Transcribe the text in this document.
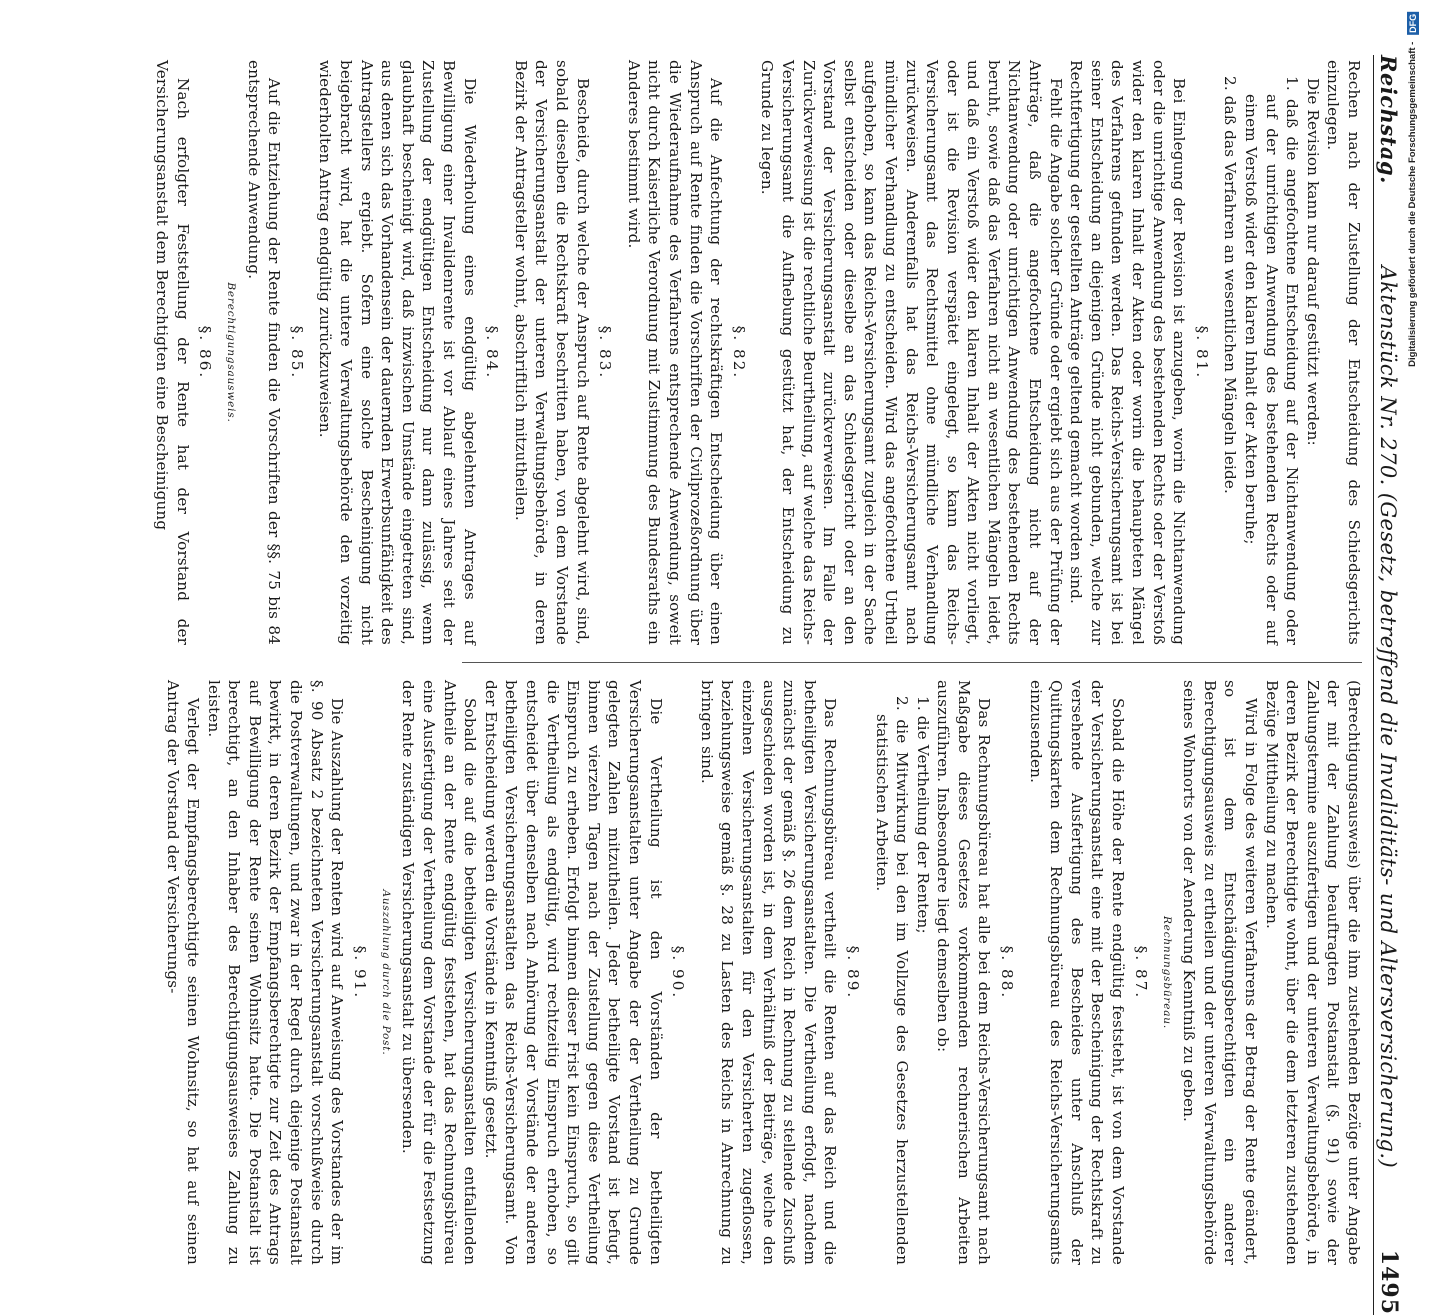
Reichstag.
Aktenstück Nr. 270. (Gesetz, betreffend die Invaliditäts- und Altersversicherung.)
1495

Rechen nach der Zustellung der Entscheidung des Schiedsgerichts einzulegen.

Die Revision kann nur darauf gestützt werden:

1. daß die angefochtene Entscheidung auf der Nichtanwendung oder auf der unrichtigen Anwendung des bestehenden Rechts oder auf einem Verstoß wider den klaren Inhalt der Akten beruhe;

2. daß das Verfahren an wesentlichen Mängeln leide.

§. 81.

Bei Einlegung der Revision ist anzugeben, worin die Nichtanwendung oder die unrichtige Anwendung des bestehenden Rechts oder der Verstoß wider den klaren Inhalt der Akten oder worin die behaupteten Mängel des Verfahrens gefunden werden. Das Reichs-Versicherungsamt ist bei seiner Entscheidung an diejenigen Gründe nicht gebunden, welche zur Rechtfertigung der gestellten Anträge geltend gemacht worden sind.

Fehlt die Angabe solcher Gründe oder ergiebt sich aus der Prüfung der Anträge, daß die angefochtene Entscheidung nicht auf der Nichtanwendung oder unrichtigen Anwendung des bestehenden Rechts beruht, sowie daß das Verfahren nicht an wesentlichen Mängeln leidet, und daß ein Verstoß wider den klaren Inhalt der Akten nicht vorliegt, oder ist die Revision verspätet eingelegt, so kann das Reichs-Versicherungsamt das Rechtsmittel ohne mündliche Verhandlung zurückweisen. Anderenfalls hat das Reichs-Versicherungsamt nach mündlicher Verhandlung zu entscheiden. Wird das angefochtene Urtheil aufgehoben, so kann das Reichs-Versicherungsamt zugleich in der Sache selbst entscheiden oder dieselbe an das Schiedsgericht oder an den Vorstand der Versicherungsanstalt zurückverweisen. Im Falle der Zurückverweisung ist die rechtliche Beurtheilung, auf welche das Reichs-Versicherungsamt die Aufhebung gestützt hat, der Entscheidung zu Grunde zu legen.

§. 82.

Auf die Anfechtung der rechtskräftigen Entscheidung über einen Anspruch auf Rente finden die Vorschriften der Civilprozeßordnung über die Wiederaufnahme des Verfahrens entsprechende Anwendung, soweit nicht durch Kaiserliche Verordnung mit Zustimmung des Bundesraths ein Anderes bestimmt wird.

§. 83.

Bescheide, durch welche der Anspruch auf Rente abgelehnt wird, sind, sobald dieselben die Rechtskraft beschritten haben, von dem Vorstande der Versicherungsanstalt der unteren Verwaltungsbehörde, in deren Bezirk der Antragsteller wohnt, abschriftlich mitzutheilen.

§. 84.

Die Wiederholung eines endgültig abgelehnten Antrages auf Bewilligung einer Invalidenrente ist vor Ablauf eines Jahres seit der Zustellung der endgültigen Entscheidung nur dann zulässig, wenn glaubhaft bescheinigt wird, daß inzwischen Umstände eingetreten sind, aus denen sich das Vorhandensein der dauernden Erwerbsunfähigkeit des Antragstellers ergiebt. Sofern eine solche Bescheinigung nicht beigebracht wird, hat die untere Verwaltungsbehörde den vorzeitig wiederholten Antrag endgültig zurückzuweisen.

§. 85.

Auf die Entziehung der Rente finden die Vorschriften der §§. 75 bis 84 entsprechende Anwendung.

Berechtigungsausweis.

§. 86.

Nach erfolgter Feststellung der Rente hat der Vorstand der Versicherungsanstalt dem Berechtigten eine Bescheinigung

(Berechtigungsausweis) über die ihm zustehenden Bezüge unter Angabe der mit der Zahlung beauftragten Postanstalt (§. 91) sowie der Zahlungstermine auszufertigen und der unteren Verwaltungsbehörde, in deren Bezirk der Berechtigte wohnt, über die dem letzteren zustehenden Bezüge Mittheilung zu machen.

Wird in Folge des weiteren Verfahrens der Betrag der Rente geändert, so ist dem Entschädigungsberechtigten ein anderer Berechtigungsausweis zu ertheilen und der unteren Verwaltungsbehörde seines Wohnorts von der Aenderung Kenntniß zu geben.

Rechnungsbüreau.

§. 87.

Sobald die Höhe der Rente endgültig feststeht, ist von dem Vorstande der Versicherungsanstalt eine mit der Bescheinigung der Rechtskraft zu versehende Ausfertigung des Bescheides unter Anschluß der Quittungskarten dem Rechnungsbüreau des Reichs-Versicherungsamts einzusenden.

§. 88.

Das Rechnungsbüreau hat alle bei dem Reichs-Versicherungsamt nach Maßgabe dieses Gesetzes vorkommenden rechnerischen Arbeiten auszuführen. Insbesondere liegt demselben ob:

1. die Vertheilung der Renten;

2. die Mitwirkung bei den im Vollzuge des Gesetzes herzustellenden statistischen Arbeiten.

§. 89.

Das Rechnungsbüreau vertheilt die Renten auf das Reich und die betheiligten Versicherungsanstalten. Die Vertheilung erfolgt, nachdem zunächst der gemäß §. 26 dem Reich in Rechnung zu stellende Zuschuß ausgeschieden worden ist, in dem Verhältniß der Beiträge, welche den einzelnen Versicherungsanstalten für den Versicherten zugeflossen, beziehungsweise gemäß §. 28 zu Lasten des Reichs in Anrechnung zu bringen sind.

§. 90.

Die Vertheilung ist den Vorständen der betheiligten Versicherungsanstalten unter Angabe der der Vertheilung zu Grunde gelegten Zahlen mitzutheilen. Jeder betheiligte Vorstand ist befugt, binnen vierzehn Tagen nach der Zustellung gegen diese Vertheilung Einspruch zu erheben. Erfolgt binnen dieser Frist kein Einspruch, so gilt die Vertheilung als endgültig, wird rechtzeitig Einspruch erhoben, so entscheidet über denselben nach Anhörung der Vorstände der anderen betheiligten Versicherungsanstalten das Reichs-Versicherungsamt. Von der Entscheidung werden die Vorstände in Kenntniß gesetzt.

Sobald die auf die betheiligten Versicherungsanstalten entfallenden Antheile an der Rente endgültig feststehen, hat das Rechnungsbüreau eine Ausfertigung der Vertheilung dem Vorstande der für die Festsetzung der Rente zuständigen Versicherungsanstalt zu übersenden.

Auszahlung durch die Post.

§. 91.

Die Auszahlung der Renten wird auf Anweisung des Vorstandes der im §. 90 Absatz 2 bezeichneten Versicherungsanstalt vorschußweise durch die Postverwaltungen, und zwar in der Regel durch diejenige Postanstalt bewirkt, in deren Bezirk der Empfangsberechtigte zur Zeit des Antrags auf Bewilligung der Rente seinen Wohnsitz hatte. Die Postanstalt ist berechtigt, an den Inhaber des Berechtigungsausweises Zahlung zu leisten.

Verlegt der Empfangsberechtigte seinen Wohnsitz, so hat auf seinen Antrag der Vorstand der Versicherungs-

Digitalisierung gefördert durch die Deutsche Forschungsgemeinschaft - DFG
